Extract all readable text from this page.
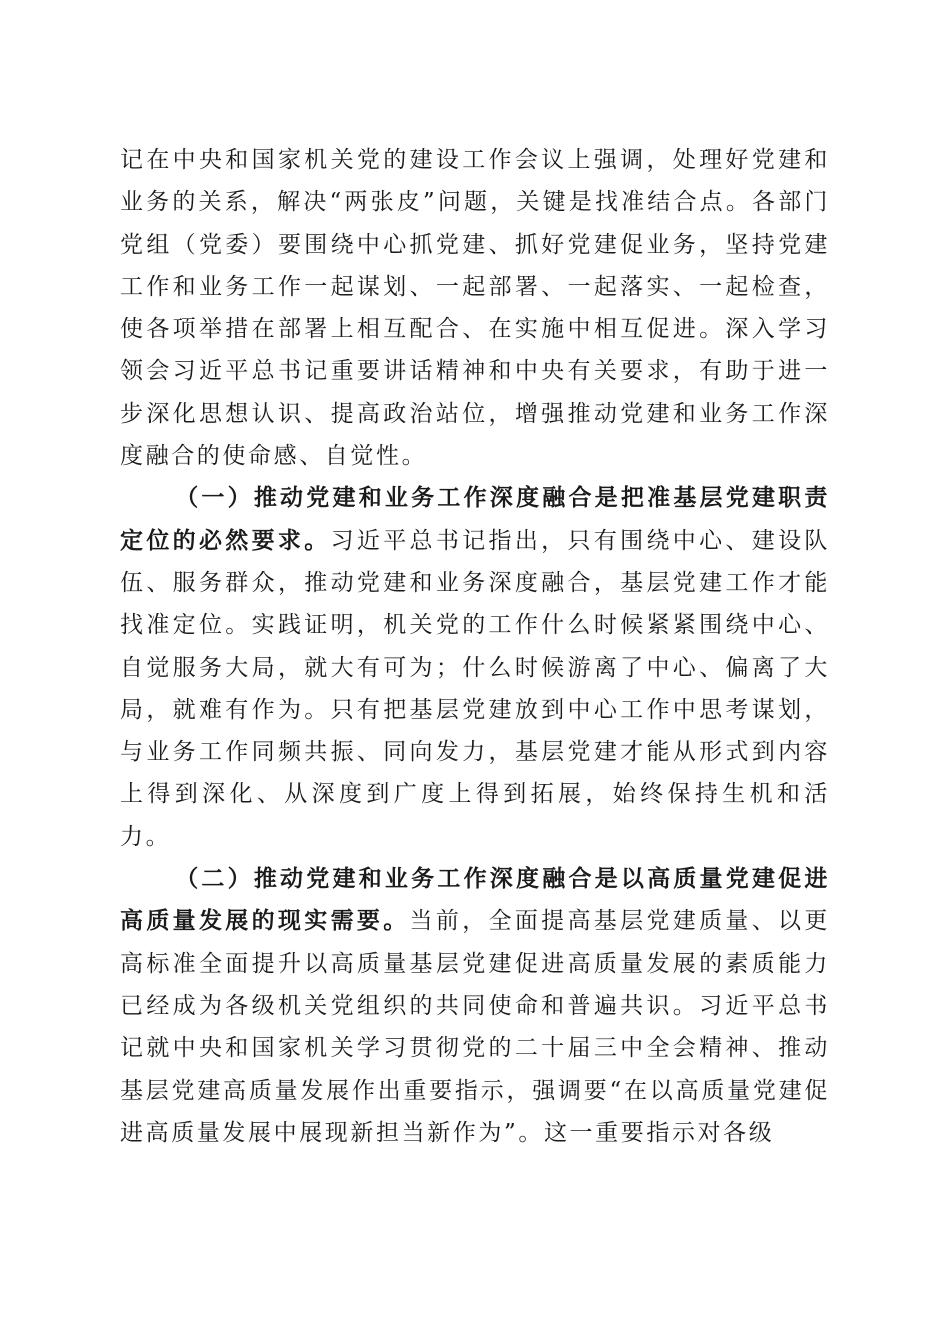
记在中央和国家机关党的建设工作会议上强调，处理好党建和业务的关系，解决“两张皮”问题，关键是找准结合点。各部门党组（党委）要围绕中心抓党建、抓好党建促业务，坚持党建工作和业务工作一起谋划、一起部署、一起落实、一起检查，使各项举措在部署上相互配合、在实施中相互促进。深入学习领会习近平总书记重要讲话精神和中央有关要求，有助于进一步深化思想认识、提高政治站位，增强推动党建和业务工作深度融合的使命感、自觉性。

（一）推动党建和业务工作深度融合是把准基层党建职责定位的必然要求。习近平总书记指出，只有围绕中心、建设队伍、服务群众，推动党建和业务深度融合，基层党建工作才能找准定位。实践证明，机关党的工作什么时候紧紧围绕中心、自觉服务大局，就大有可为；什么时候游离了中心、偏离了大局，就难有作为。只有把基层党建放到中心工作中思考谋划，与业务工作同频共振、同向发力，基层党建才能从形式到内容上得到深化、从深度到广度上得到拓展，始终保持生机和活力。

（二）推动党建和业务工作深度融合是以高质量党建促进高质量发展的现实需要。当前，全面提高基层党建质量、以更高标准全面提升以高质量基层党建促进高质量发展的素质能力已经成为各级机关党组织的共同使命和普遍共识。习近平总书记就中央和国家机关学习贯彻党的二十届三中全会精神、推动基层党建高质量发展作出重要指示，强调要“在以高质量党建促进高质量发展中展现新担当新作为”。这一重要指示对各级
